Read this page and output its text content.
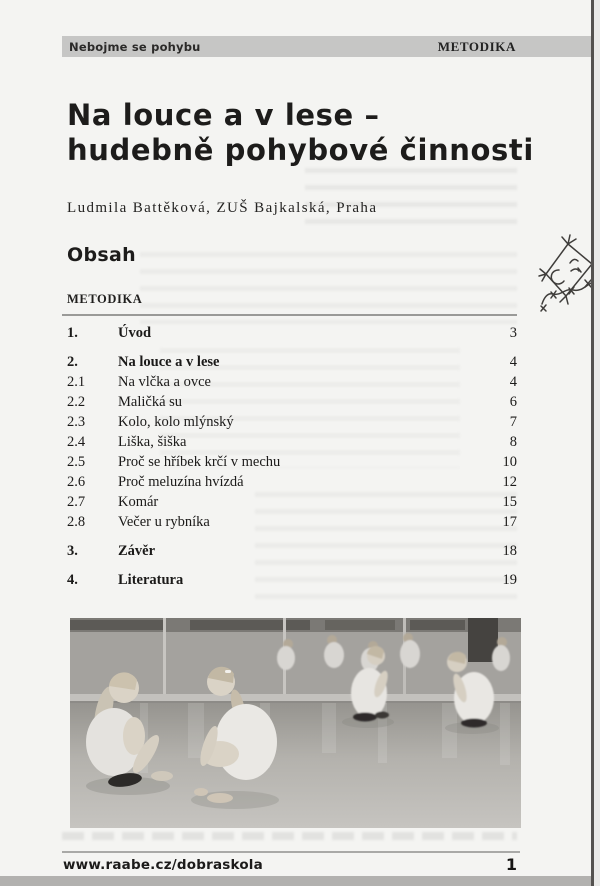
Nebojme se pohybu	METODIKA
Na louce a v lese –
hudebně pohybové činnosti
Ludmila Battěková, ZUŠ Bajkalská, Praha
Obsah
METODIKA
1.	Úvod	3
2.	Na louce a v lese	4
2.1	Na vlčka a ovce	4
2.2	Maličká su	6
2.3	Kolo, kolo mlýnský	7
2.4	Liška, šiška	8
2.5	Proč se hříbek krčí v mechu	10
2.6	Proč meluzína hvízdá	12
2.7	Komár	15
2.8	Večer u rybníka	17
3.	Závěr	18
4.	Literatura	19
www.raabe.cz/dobraskola	1
